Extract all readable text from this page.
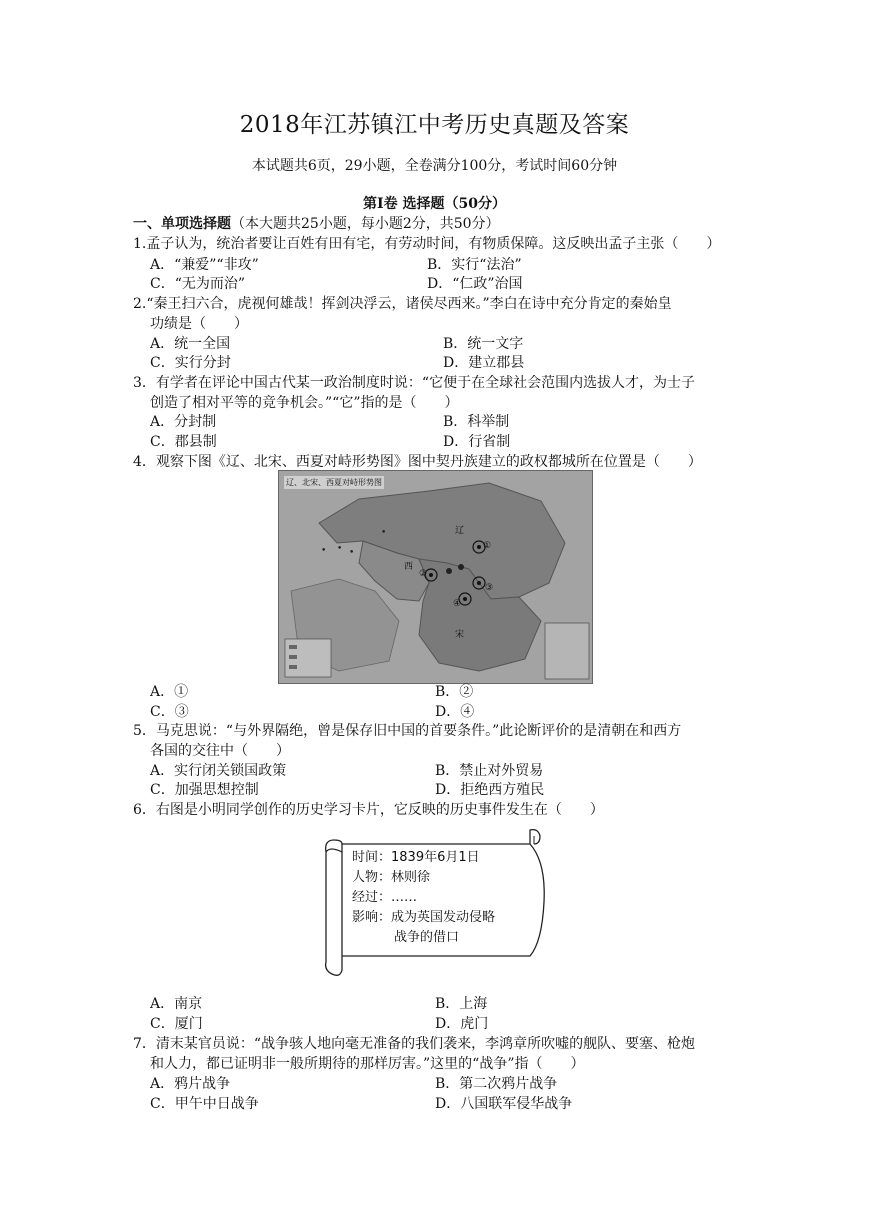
2018年江苏镇江中考历史真题及答案
本试题共6页，29小题，全卷满分100分，考试时间60分钟
第Ⅰ卷 选择题（50分）
一、单项选择题（本大题共25小题，每小题2分，共50分）
1.孟子认为，统治者要让百姓有田有宅，有劳动时间，有物质保障。这反映出孟子主张（　　）
A．“兼爱”“非攻”	B．实行“法治”
C．“无为而治”	D．“仁政”治国
2.“秦王扫六合，虎视何雄哉！挥剑决浮云，诸侯尽西来。”李白在诗中充分肯定的秦始皇
功绩是（　　）
A．统一全国	B．统一文字
C．实行分封	D．建立郡县
3．有学者在评论中国古代某一政治制度时说：“它便于在全球社会范围内选拔人才，为士子
创造了相对平等的竞争机会。”“它”指的是（　　）
A．分封制	B．科举制
C．郡县制	D．行省制
4．观察下图《辽、北宋、西夏对峙形势图》图中契丹族建立的政权都城所在位置是（　　）
• • •
•
辽、北宋、西夏对峙形势图
西
宋
辽
①
②
③
④
A．①	B．②
C．③	D．④
5．马克思说：“与外界隔绝，曾是保存旧中国的首要条件。”此论断评价的是清朝在和西方
各国的交往中（　　）
A．实行闭关锁国政策	B．禁止对外贸易
C．加强思想控制	D．拒绝西方殖民
6．右图是小明同学创作的历史学习卡片，它反映的历史事件发生在（　　）
时间：1839年6月1日
人物：林则徐
经过：……
影响：成为英国发动侵略
战争的借口
A．南京	B．上海
C．厦门	D．虎门
7．清末某官员说：“战争骇人地向毫无准备的我们袭来，李鸿章所吹嘘的舰队、要塞、枪炮
和人力，都已证明非一般所期待的那样厉害。”这里的“战争”指（　　）
A．鸦片战争	B．第二次鸦片战争
C．甲午中日战争	D．八国联军侵华战争
